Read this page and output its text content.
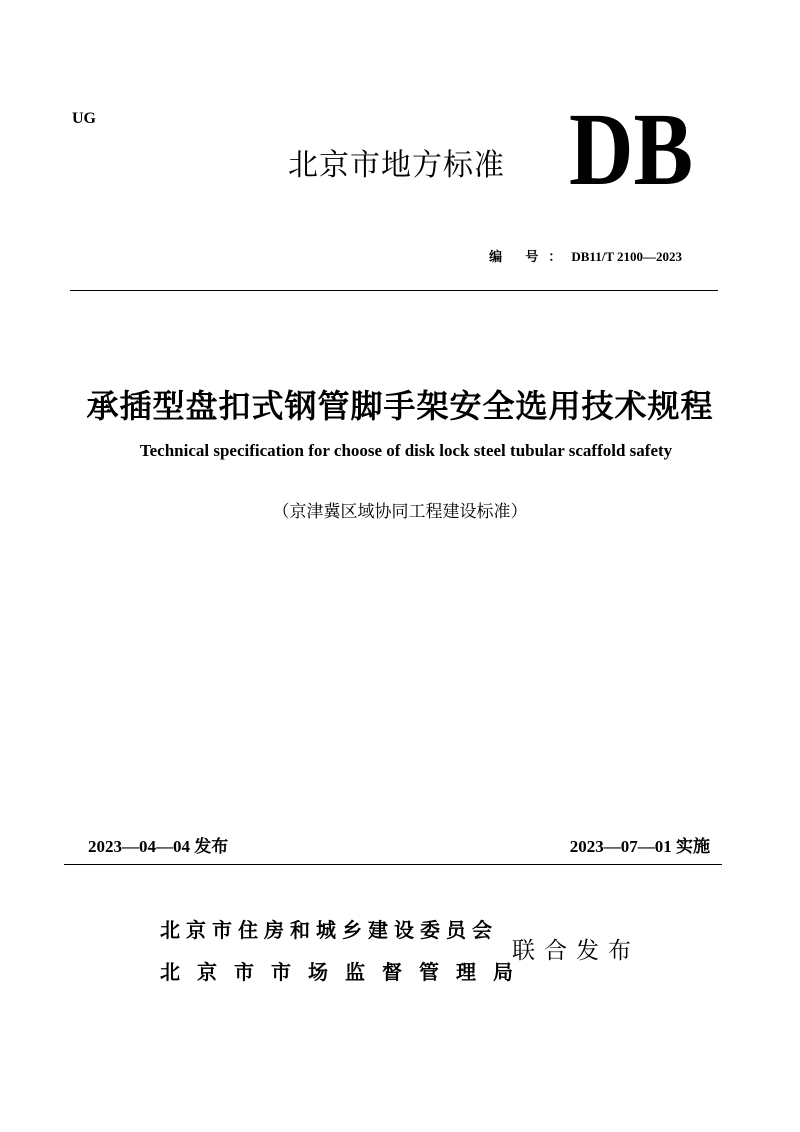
UG
北京市地方标准 DB
编 号：DB11/T 2100—2023
承插型盘扣式钢管脚手架安全选用技术规程
Technical specification for choose of disk lock steel tubular scaffold safety
（京津冀区域协同工程建设标准）
2023—04—04 发布	2023—07—01 实施
北京市住房和城乡建设委员会
北京市市场监督管理局
联合发布
